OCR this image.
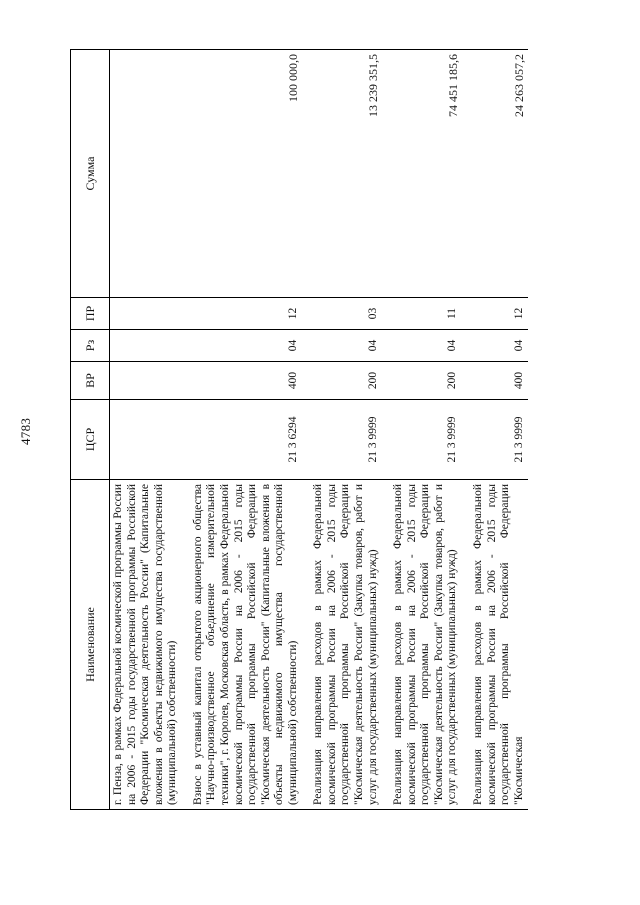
4783
Наименование	ЦСР	ВР	Рз	ПР	Сумма
г. Пенза, в рамках Федеральной космической программы России на 2006 - 2015 годы государственной программы Российской Федерации "Космическая деятельность России" (Капитальные вложения в объекты недвижимого имущества государственной (муниципальной) собственности)					
Взнос в уставный капитал открытого акционерного общества "Научно-производственное объединение измерительной техники", г. Королев, Московская область, в рамках Федеральной космической программы России на 2006 - 2015 годы государственной программы Российской Федерации "Космическая деятельность России" (Капитальные вложения в объекты недвижимого имущества государственной (муниципальной) собственности)	21 3 6294	400	04	12	100 000,0
Реализация направления расходов в рамках Федеральной космической программы России на 2006 - 2015 годы государственной программы Российской Федерации "Космическая деятельность России" (Закупка товаров, работ и услуг для государственных (муниципальных) нужд)	21 3 9999	200	04	03	13 239 351,5
Реализация направления расходов в рамках Федеральной космической программы России на 2006 - 2015 годы государственной программы Российской Федерации "Космическая деятельность России" (Закупка товаров, работ и услуг для государственных (муниципальных) нужд)	21 3 9999	200	04	11	74 451 185,6
Реализация направления расходов в рамках Федеральной космической программы России на 2006 - 2015 годы государственной программы Российской Федерации "Космическая	21 3 9999	400	04	12	24 263 057,2
